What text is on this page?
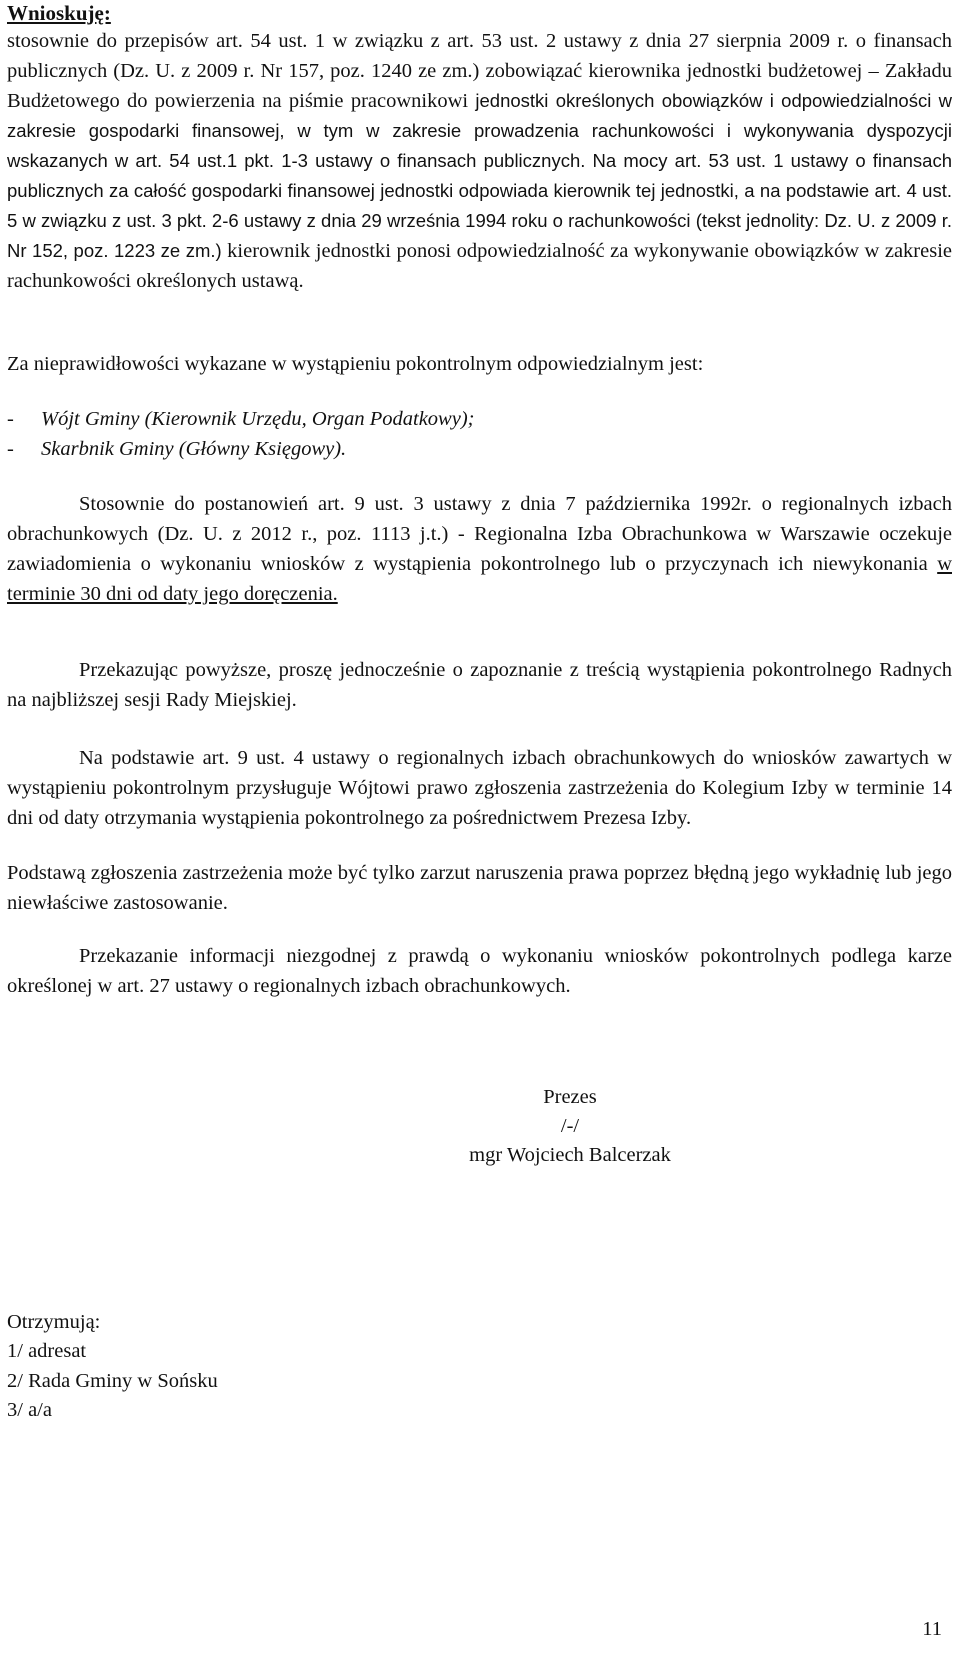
Wnioskuję:

stosownie do przepisów art. 54 ust. 1 w związku z art. 53 ust. 2 ustawy z dnia 27 sierpnia 2009 r. o finansach publicznych (Dz. U. z 2009 r. Nr 157, poz. 1240 ze zm.) zobowiązać kierownika jednostki budżetowej – Zakładu Budżetowego do powierzenia na piśmie pracownikowi jednostki określonych obowiązków i odpowiedzialności w zakresie gospodarki finansowej, w tym w zakresie prowadzenia rachunkowości i wykonywania dyspozycji wskazanych w art. 54 ust.1 pkt. 1-3 ustawy o finansach publicznych. Na mocy art. 53 ust. 1 ustawy o finansach publicznych za całość gospodarki finansowej jednostki odpowiada kierownik tej jednostki, a na podstawie art. 4 ust. 5 w związku z ust. 3 pkt. 2-6 ustawy z dnia 29 września 1994 roku o rachunkowości (tekst jednolity: Dz. U. z 2009 r. Nr 152, poz. 1223 ze zm.) kierownik jednostki ponosi odpowiedzialność za wykonywanie obowiązków w zakresie rachunkowości określonych ustawą.

Za nieprawidłowości wykazane w wystąpieniu pokontrolnym odpowiedzialnym jest:

- Wójt Gminy (Kierownik Urzędu, Organ Podatkowy);
- Skarbnik Gminy (Główny Księgowy).

Stosownie do postanowień art. 9 ust. 3 ustawy z dnia 7 października 1992r. o regionalnych izbach obrachunkowych (Dz. U. z 2012 r., poz. 1113 j.t.) - Regionalna Izba Obrachunkowa w Warszawie oczekuje zawiadomienia o wykonaniu wniosków z wystąpienia pokontrolnego lub o przyczynach ich niewykonania w terminie 30 dni od daty jego doręczenia.

Przekazując powyższe, proszę jednocześnie o zapoznanie z treścią wystąpienia pokontrolnego Radnych na najbliższej sesji Rady Miejskiej.

Na podstawie art. 9 ust. 4 ustawy o regionalnych izbach obrachunkowych do wniosków zawartych w wystąpieniu pokontrolnym przysługuje Wójtowi prawo zgłoszenia zastrzeżenia do Kolegium Izby w terminie 14 dni od daty otrzymania wystąpienia pokontrolnego za pośrednictwem Prezesa Izby.

Podstawą zgłoszenia zastrzeżenia może być tylko zarzut naruszenia prawa poprzez błędną jego wykładnię lub jego niewłaściwe zastosowanie.

Przekazanie informacji niezgodnej z prawdą o wykonaniu wniosków pokontrolnych podlega karze określonej w art. 27 ustawy o regionalnych izbach obrachunkowych.

Prezes
/-/
mgr Wojciech Balcerzak
Otrzymują:
1/ adresat
2/ Rada Gminy w Sońsku
3/ a/a
11
